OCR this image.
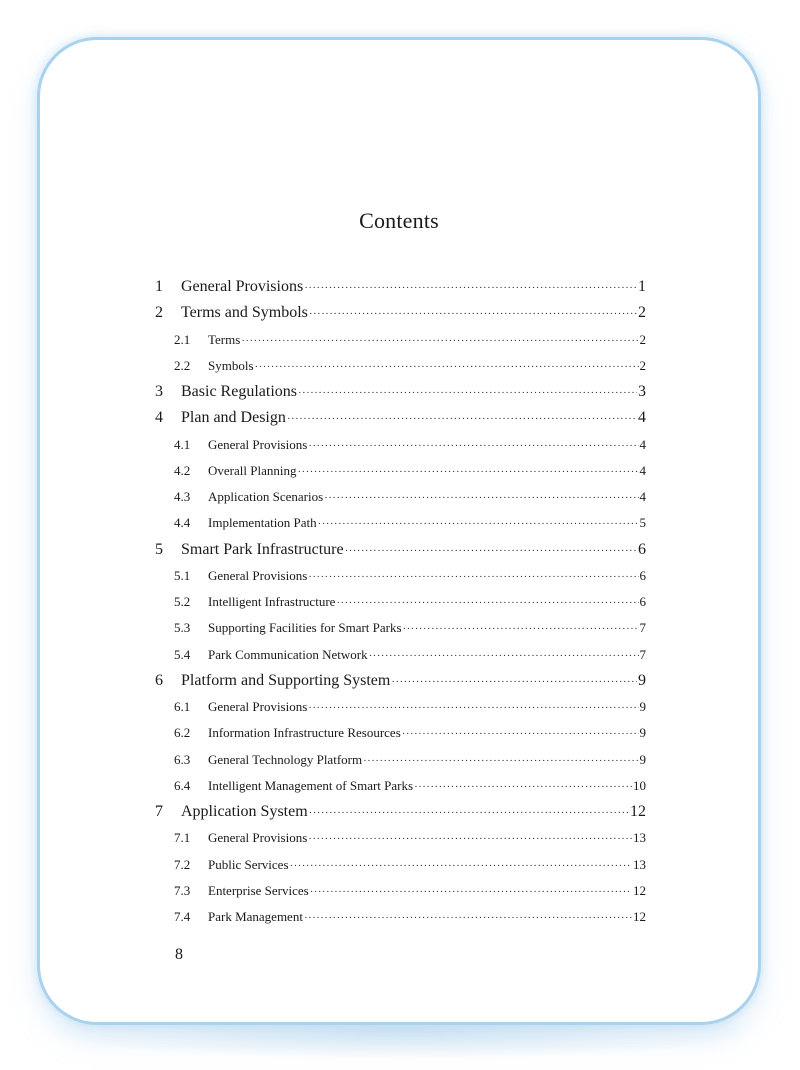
Contents
1	General Provisions ·····	1
2	Terms and Symbols ·····	2
2.1	Terms ·····	2
2.2	Symbols ·····	2
3	Basic Regulations ·····	3
4	Plan and Design ·····	4
4.1	General Provisions ·····	4
4.2	Overall Planning ·····	4
4.3	Application Scenarios ·····	4
4.4	Implementation Path ·····	5
5	Smart Park Infrastructure ·····	6
5.1	General Provisions ·····	6
5.2	Intelligent Infrastructure ·····	6
5.3	Supporting Facilities for Smart Parks ·····	7
5.4	Park Communication Network ·····	7
6	Platform and Supporting System ·····	9
6.1	General Provisions ·····	9
6.2	Information Infrastructure Resources ·····	9
6.3	General Technology Platform ·····	9
6.4	Intelligent Management of Smart Parks ·····	10
7	Application System ·····	12
7.1	General Provisions ·····	13
7.2	Public Services ·····	13
7.3	Enterprise Services ·····	12
7.4	Park Management ·····	12
8
